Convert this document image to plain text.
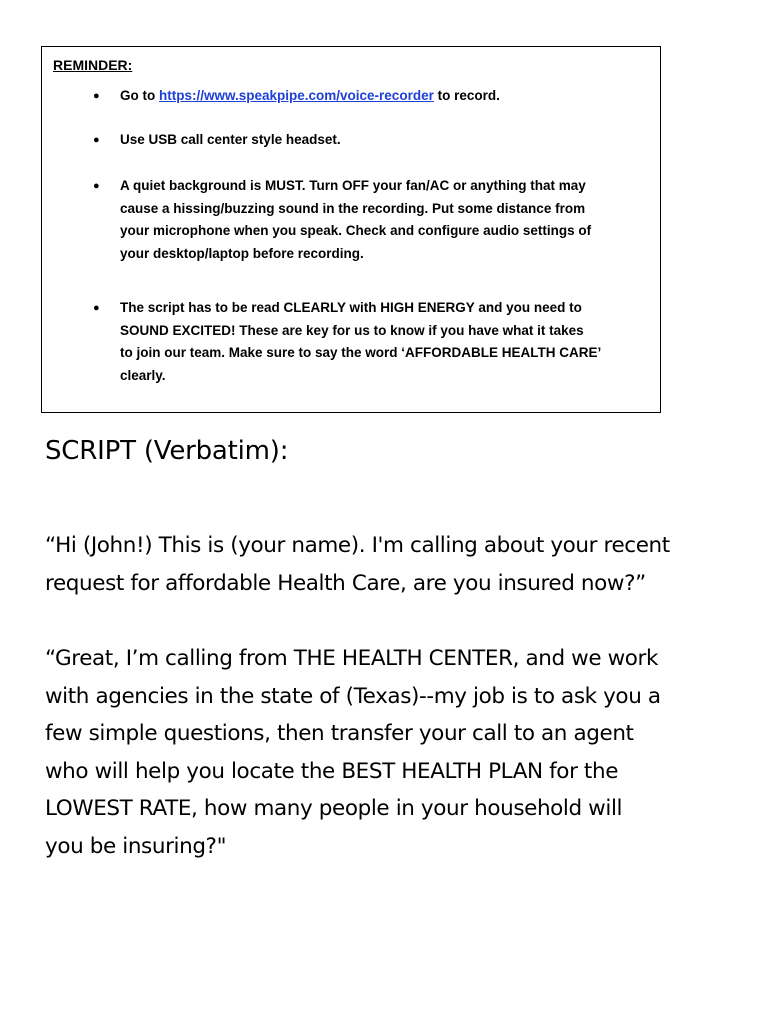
REMINDER:

● Go to https://www.speakpipe.com/voice-recorder to record.

● Use USB call center style headset.

● A quiet background is MUST. Turn OFF your fan/AC or anything that may
cause a hissing/buzzing sound in the recording. Put some distance from
your microphone when you speak. Check and configure audio settings of
your desktop/laptop before recording.
● The script has to be read CLEARLY with HIGH ENERGY and you need to
SOUND EXCITED! These are key for us to know if you have what it takes
to join our team. Make sure to say the word ‘AFFORDABLE HEALTH CARE’
clearly.
SCRIPT (Verbatim):
“Hi (John!) This is (your name). I'm calling about your recent
request for affordable Health Care, are you insured now?”
“Great, I’m calling from THE HEALTH CENTER, and we work
with agencies in the state of (Texas)--my job is to ask you a
few simple questions, then transfer your call to an agent
who will help you locate the BEST HEALTH PLAN for the
LOWEST RATE, how many people in your household will
you be insuring?"
